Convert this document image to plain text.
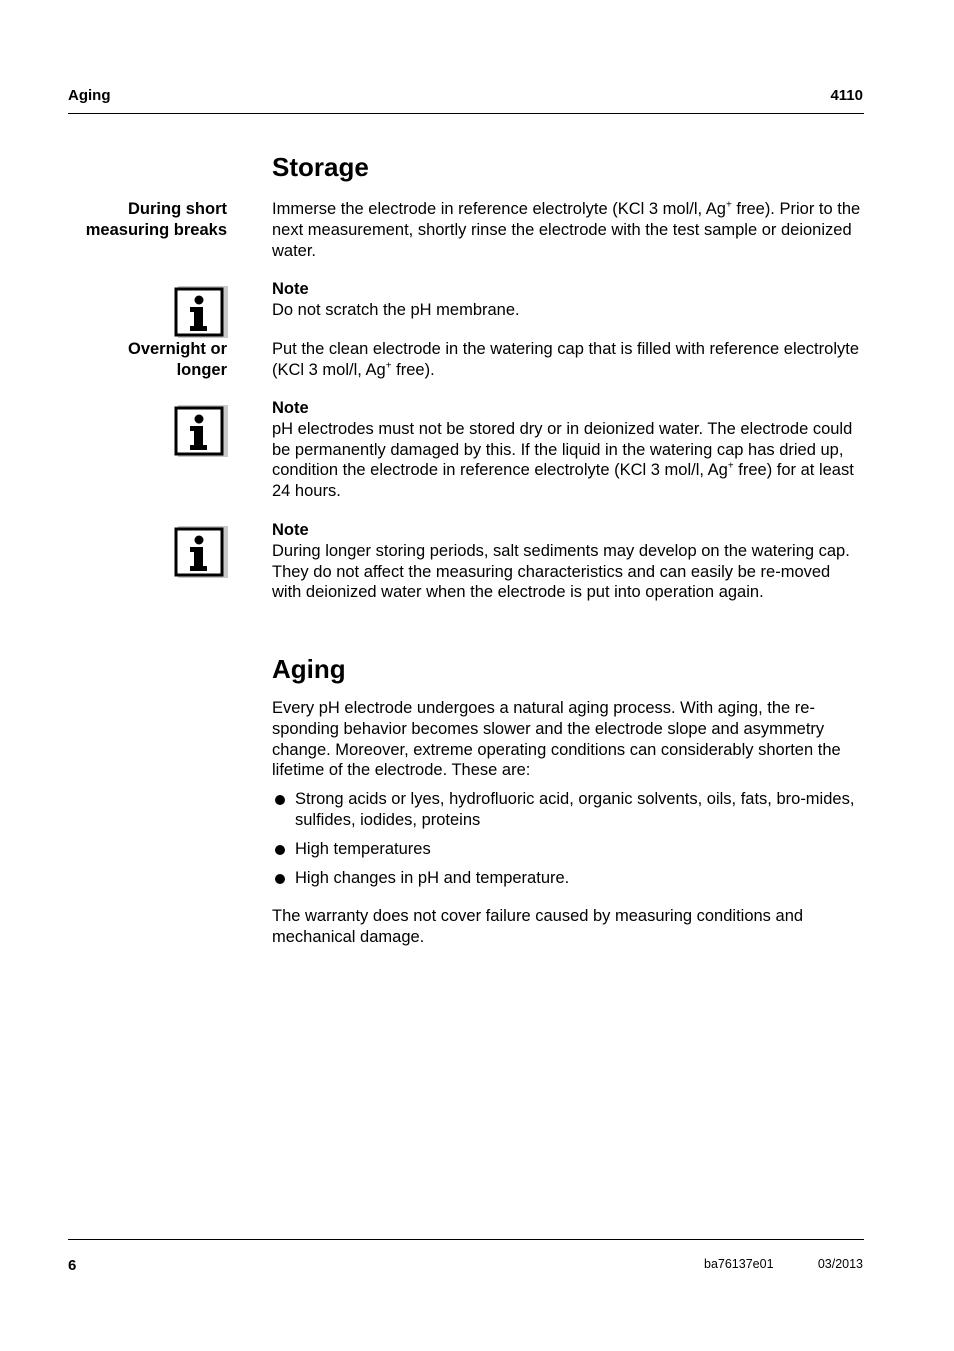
Aging	4110
Storage
During short
measuring breaks
Immerse the electrode in reference electrolyte (KCl 3 mol/l, Ag+ free). Prior to the next measurement, shortly rinse the electrode with the test sample or deionized water.
Note
Do not scratch the pH membrane.
Overnight or
longer
Put the clean electrode in the watering cap that is filled with reference electrolyte (KCl 3 mol/l, Ag+ free).
Note
pH electrodes must not be stored dry or in deionized water. The electrode could be permanently damaged by this. If the liquid in the watering cap has dried up, condition the electrode in reference electrolyte (KCl 3 mol/l, Ag+ free) for at least 24 hours.
Note
During longer storing periods, salt sediments may develop on the watering cap. They do not affect the measuring characteristics and can easily be re-moved with deionized water when the electrode is put into operation again.
Aging
Every pH electrode undergoes a natural aging process. With aging, the re-sponding behavior becomes slower and the electrode slope and asymmetry change. Moreover, extreme operating conditions can considerably shorten the lifetime of the electrode. These are:
Strong acids or lyes, hydrofluoric acid, organic solvents, oils, fats, bro-mides, sulfides, iodides, proteins
High temperatures
High changes in pH and temperature.
The warranty does not cover failure caused by measuring conditions and mechanical damage.
6	ba76137e01	03/2013
